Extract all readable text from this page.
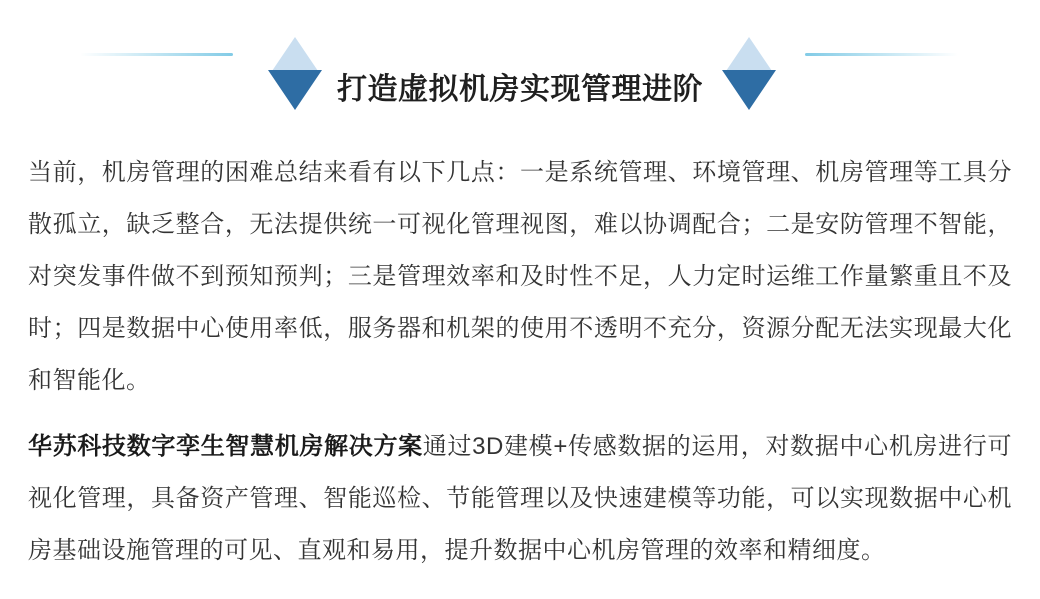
打造虚拟机房实现管理进阶

当前，机房管理的困难总结来看有以下几点：一是系统管理、环境管理、机房管理等工具分散孤立，缺乏整合，无法提供统一可视化管理视图，难以协调配合；二是安防管理不智能，对突发事件做不到预知预判；三是管理效率和及时性不足，人力定时运维工作量繁重且不及时；四是数据中心使用率低，服务器和机架的使用不透明不充分，资源分配无法实现最大化和智能化。

华苏科技数字孪生智慧机房解决方案通过3D建模+传感数据的运用，对数据中心机房进行可视化管理，具备资产管理、智能巡检、节能管理以及快速建模等功能，可以实现数据中心机房基础设施管理的可见、直观和易用，提升数据中心机房管理的效率和精细度。
